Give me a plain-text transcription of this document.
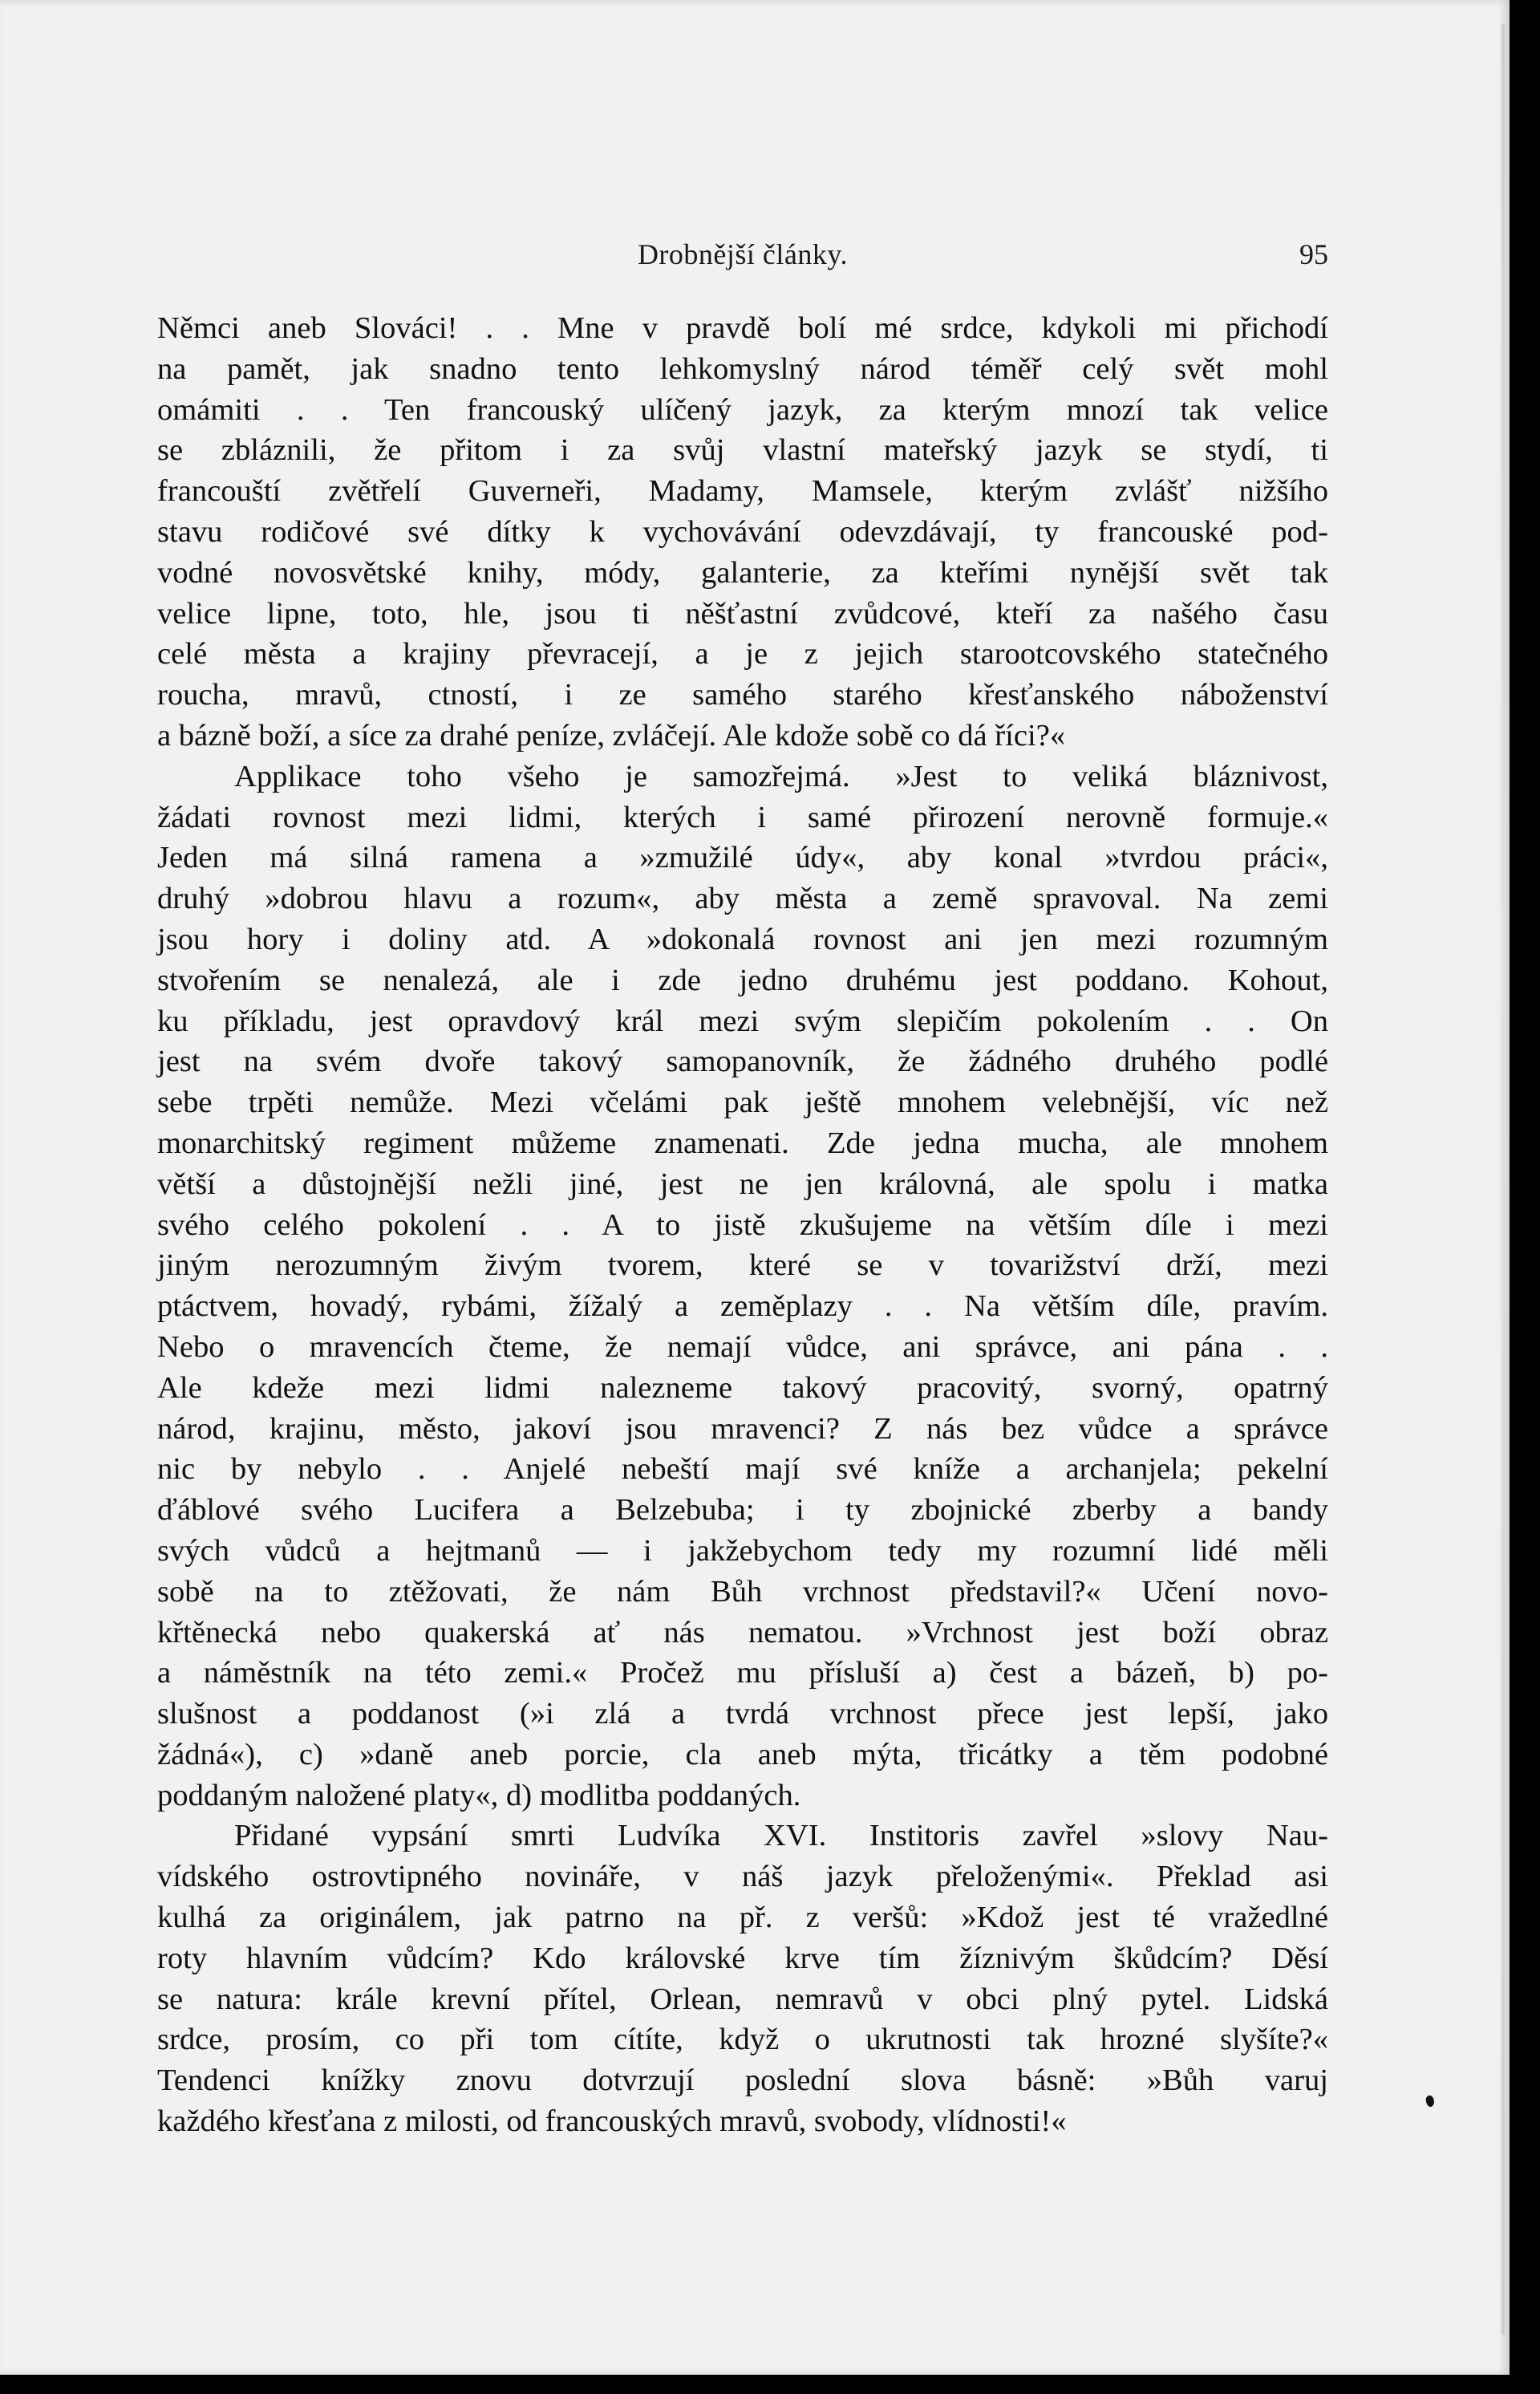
Drobnější články.	95
Němci aneb Slováci! . . Mne v pravdě bolí mé srdce, kdykoli mi přichodí
na pamět, jak snadno tento lehkomyslný národ téměř celý svět mohl
omámiti . . Ten francouský ulíčený jazyk, za kterým mnozí tak velice
se zbláznili, že přitom i za svůj vlastní mateřský jazyk se stydí, ti
francouští zvětřelí Guverneři, Madamy, Mamsele, kterým zvlášť nižšího
stavu rodičové své dítky k vychovávání odevzdávají, ty francouské pod-
vodné novosvětské knihy, módy, galanterie, za kteřími nynější svět tak
velice lipne, toto, hle, jsou ti něšťastní zvůdcové, kteří za našého času
celé města a krajiny převracejí, a je z jejich starootcovského statečného
roucha, mravů, ctností, i ze samého starého křesťanského náboženství
a bázně boží, a síce za drahé peníze, zvláčejí. Ale kdože sobě co dá říci?«
Applikace toho všeho je samozřejmá. »Jest to veliká bláznivost,
žádati rovnost mezi lidmi, kterých i samé přirození nerovně formuje.«
Jeden má silná ramena a »zmužilé údy«, aby konal »tvrdou práci«,
druhý »dobrou hlavu a rozum«, aby města a země spravoval. Na zemi
jsou hory i doliny atd. A »dokonalá rovnost ani jen mezi rozumným
stvořením se nenalezá, ale i zde jedno druhému jest poddano. Kohout,
ku příkladu, jest opravdový král mezi svým slepičím pokolením . . On
jest na svém dvoře takový samopanovník, že žádného druhého podlé
sebe trpěti nemůže. Mezi včelámi pak ještě mnohem velebnější, víc než
monarchitský regiment můžeme znamenati. Zde jedna mucha, ale mnohem
větší a důstojnější nežli jiné, jest ne jen královná, ale spolu i matka
svého celého pokolení . . A to jistě zkušujeme na větším díle i mezi
jiným nerozumným živým tvorem, které se v tovarižství drží, mezi
ptáctvem, hovadý, rybámi, žížalý a zeměplazy . . Na větším díle, pravím.
Nebo o mravencích čteme, že nemají vůdce, ani správce, ani pána . .
Ale kdeže mezi lidmi nalezneme takový pracovitý, svorný, opatrný
národ, krajinu, město, jakoví jsou mravenci? Z nás bez vůdce a správce
nic by nebylo . . Anjelé nebeští mají své kníže a archanjela; pekelní
ďáblové svého Lucifera a Belzebuba; i ty zbojnické zberby a bandy
svých vůdců a hejtmanů — i jakžebychom tedy my rozumní lidé měli
sobě na to ztěžovati, že nám Bůh vrchnost představil?« Učení novo-
křtěnecká nebo quakerská ať nás nematou. »Vrchnost jest boží obraz
a náměstník na této zemi.« Pročež mu přísluší a) čest a bázeň, b) po-
slušnost a poddanost (»i zlá a tvrdá vrchnost přece jest lepší, jako
žádná«), c) »daně aneb porcie, cla aneb mýta, třicátky a těm podobné
poddaným naložené platy«, d) modlitba poddaných.
Přidané vypsání smrti Ludvíka XVI. Institoris zavřel »slovy Nau-
vídského ostrovtipného novináře, v náš jazyk přeloženými«. Překlad asi
kulhá za originálem, jak patrno na př. z veršů: »Kdož jest té vražedlné
roty hlavním vůdcím? Kdo královské krve tím žíznivým škůdcím? Děsí
se natura: krále krevní přítel, Orlean, nemravů v obci plný pytel. Lidská
srdce, prosím, co při tom cítíte, když o ukrutnosti tak hrozné slyšíte?«
Tendenci knížky znovu dotvrzují poslední slova básně: »Bůh varuj
každého křesťana z milosti, od francouských mravů, svobody, vlídnosti!«
